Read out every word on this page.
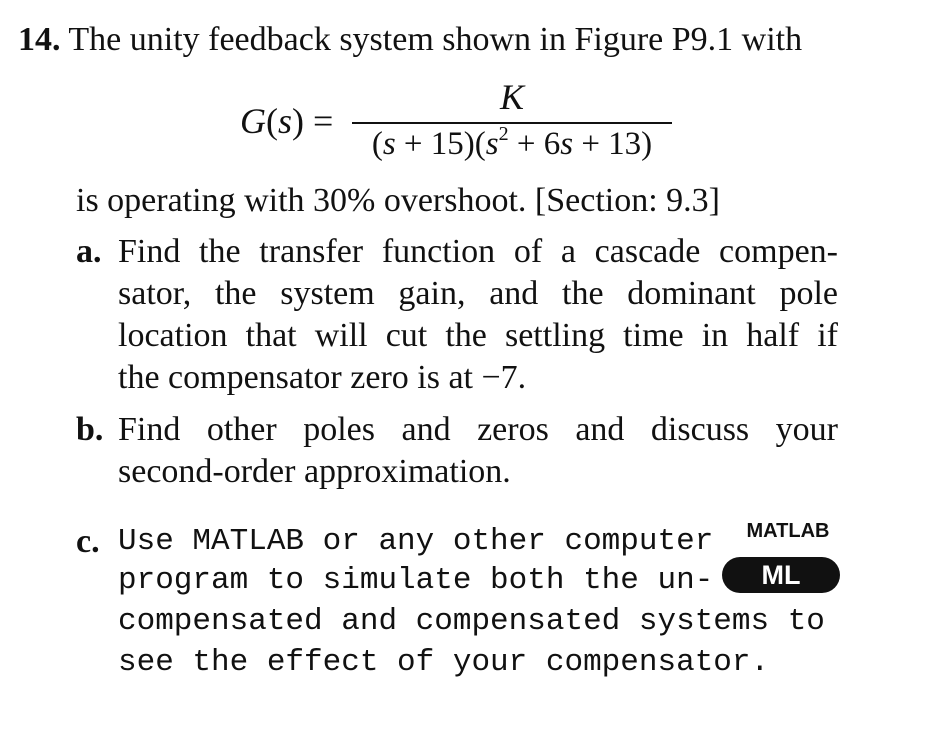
14. The unity feedback system shown in Figure P9.1 with
G(s) =
K
$(s + 15)(s^2 + 6s + 13)$
is operating with 30% overshoot. [Section: 9.3]
a. Find the transfer function of a cascade compen-
sator, the system gain, and the dominant pole
location that will cut the settling time in half if
the compensator zero is at −7.
b. Find other poles and zeros and discuss your
second-order approximation.
c. Use MATLAB or any other computer
program to simulate both the un-
compensated and compensated systems to
see the effect of your compensator.
MATLAB
ML
